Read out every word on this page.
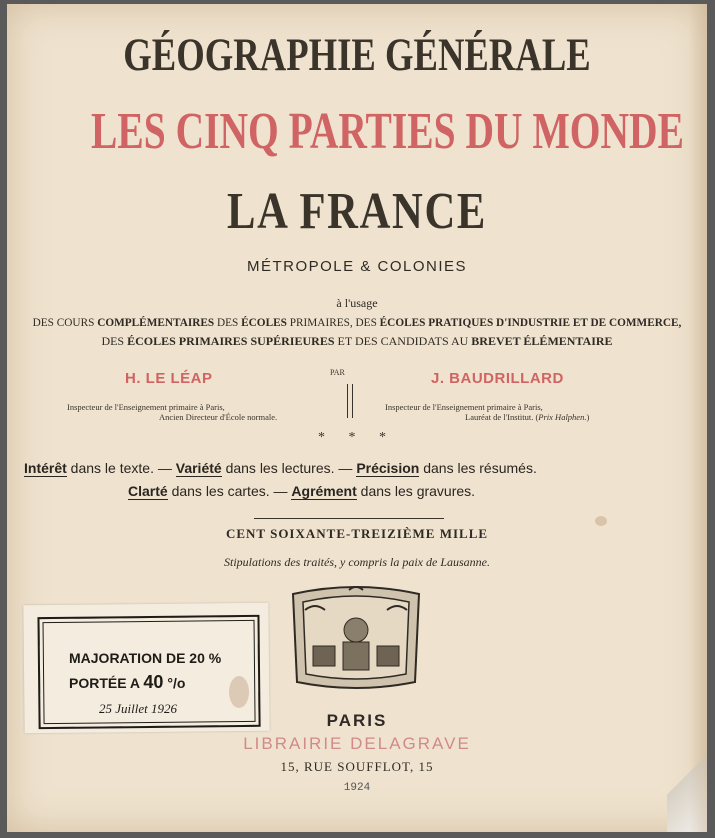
GÉOGRAPHIE GÉNÉRALE
LES CINQ PARTIES DU MONDE
LA FRANCE
MÉTROPOLE & COLONIES
à l'usage
DES COURS COMPLÉMENTAIRES DES ÉCOLES PRIMAIRES, DES ÉCOLES PRATIQUES D'INDUSTRIE ET DE COMMERCE,
DES ÉCOLES PRIMAIRES SUPÉRIEURES ET DES CANDIDATS AU BREVET ÉLÉMENTAIRE
H. LE LÉAP	PAR	J. BAUDRILLARD
Inspecteur de l'Enseignement primaire à Paris,
Ancien Directeur d'École normale.
Inspecteur de l'Enseignement primaire à Paris,
Lauréat de l'Institut. (Prix Halphen.)
* * *
Intérêt dans le texte. — Variété dans les lectures. — Précision dans les résumés.
Clarté dans les cartes. — Agrément dans les gravures.
CENT SOIXANTE-TREIZIÈME MILLE
Stipulations des traités, y compris la paix de Lausanne.
MAJORATION DE 20 %
PORTÉE A 40 °/o
25 Juillet 1926
PARIS
LIBRAIRIE DELAGRAVE
15, RUE SOUFFLOT, 15
1924
